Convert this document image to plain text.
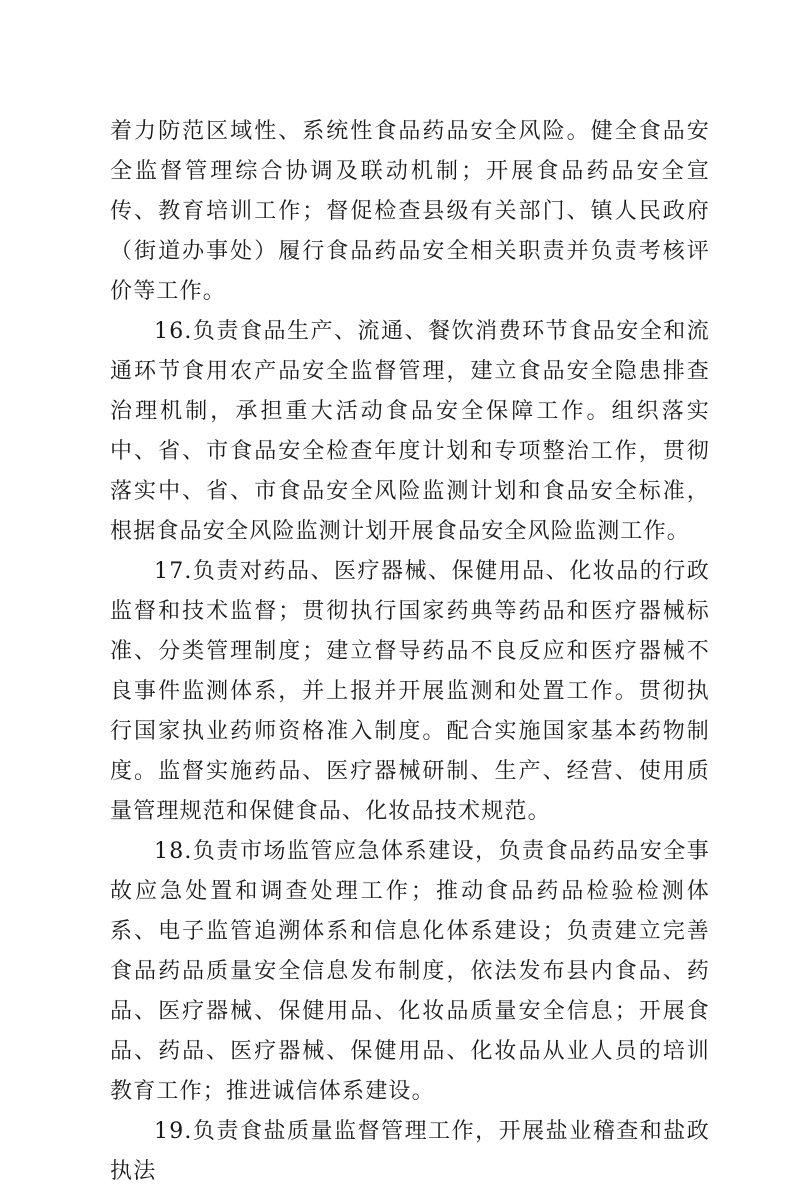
着力防范区域性、系统性食品药品安全风险。健全食品安全监督管理综合协调及联动机制；开展食品药品安全宣传、教育培训工作；督促检查县级有关部门、镇人民政府（街道办事处）履行食品药品安全相关职责并负责考核评价等工作。

16.负责食品生产、流通、餐饮消费环节食品安全和流通环节食用农产品安全监督管理，建立食品安全隐患排查治理机制，承担重大活动食品安全保障工作。组织落实中、省、市食品安全检查年度计划和专项整治工作，贯彻落实中、省、市食品安全风险监测计划和食品安全标准，根据食品安全风险监测计划开展食品安全风险监测工作。

17.负责对药品、医疗器械、保健用品、化妆品的行政监督和技术监督；贯彻执行国家药典等药品和医疗器械标准、分类管理制度；建立督导药品不良反应和医疗器械不良事件监测体系，并上报并开展监测和处置工作。贯彻执行国家执业药师资格准入制度。配合实施国家基本药物制度。监督实施药品、医疗器械研制、生产、经营、使用质量管理规范和保健食品、化妆品技术规范。

18.负责市场监管应急体系建设，负责食品药品安全事故应急处置和调查处理工作；推动食品药品检验检测体系、电子监管追溯体系和信息化体系建设；负责建立完善食品药品质量安全信息发布制度，依法发布县内食品、药品、医疗器械、保健用品、化妆品质量安全信息；开展食品、药品、医疗器械、保健用品、化妆品从业人员的培训教育工作；推进诚信体系建设。

19.负责食盐质量监督管理工作，开展盐业稽查和盐政执法
